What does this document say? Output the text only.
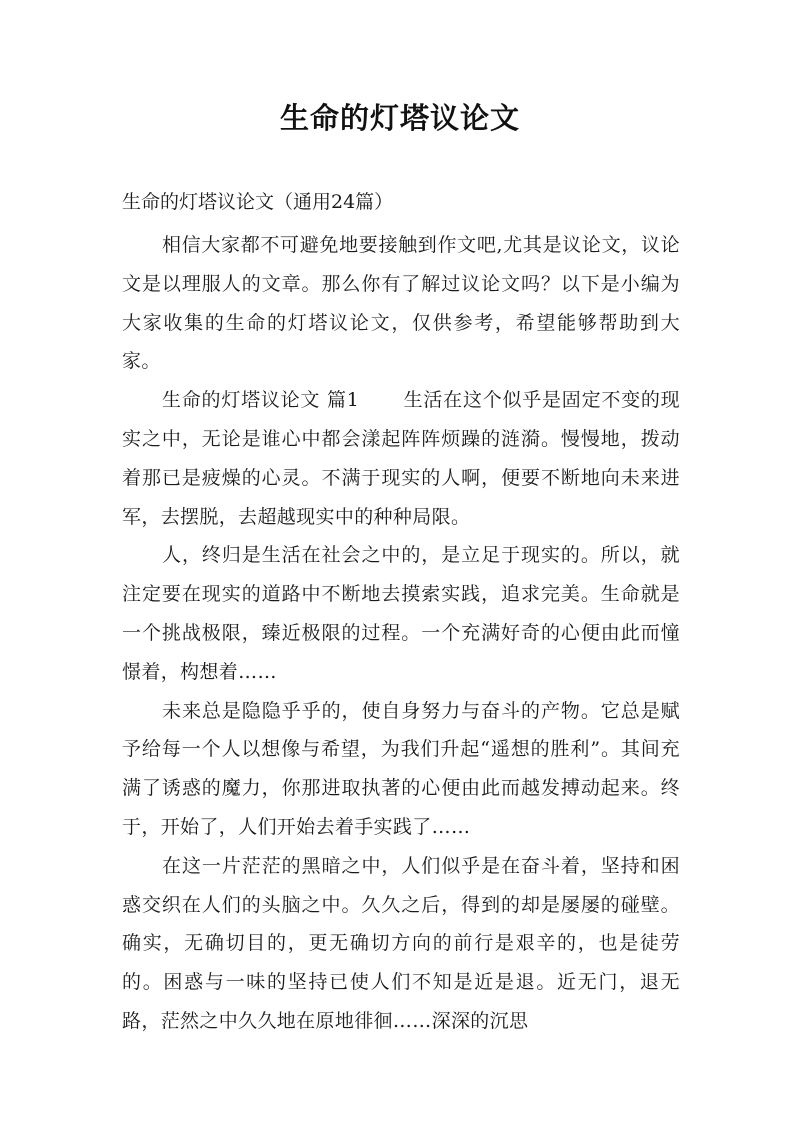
生命的灯塔议论文

生命的灯塔议论文（通用24篇）

相信大家都不可避免地要接触到作文吧,尤其是议论文，议论文是以理服人的文章。那么你有了解过议论文吗？以下是小编为大家收集的生命的灯塔议论文，仅供参考，希望能够帮助到大家。

生命的灯塔议论文 篇1 生活在这个似乎是固定不变的现实之中，无论是谁心中都会漾起阵阵烦躁的涟漪。慢慢地，拨动着那已是疲燥的心灵。不满于现实的人啊，便要不断地向未来进军，去摆脱，去超越现实中的种种局限。

人，终归是生活在社会之中的，是立足于现实的。所以，就注定要在现实的道路中不断地去摸索实践，追求完美。生命就是一个挑战极限，臻近极限的过程。一个充满好奇的心便由此而憧憬着，构想着……

未来总是隐隐乎乎的，使自身努力与奋斗的产物。它总是赋予给每一个人以想像与希望，为我们升起“遥想的胜利”。其间充满了诱惑的魔力，你那进取执著的心便由此而越发搏动起来。终于，开始了，人们开始去着手实践了……

在这一片茫茫的黑暗之中，人们似乎是在奋斗着，坚持和困惑交织在人们的头脑之中。久久之后，得到的却是屡屡的碰壁。确实，无确切目的，更无确切方向的前行是艰辛的，也是徒劳的。困惑与一味的坚持已使人们不知是近是退。近无门，退无路，茫然之中久久地在原地徘徊……深深的沉思
